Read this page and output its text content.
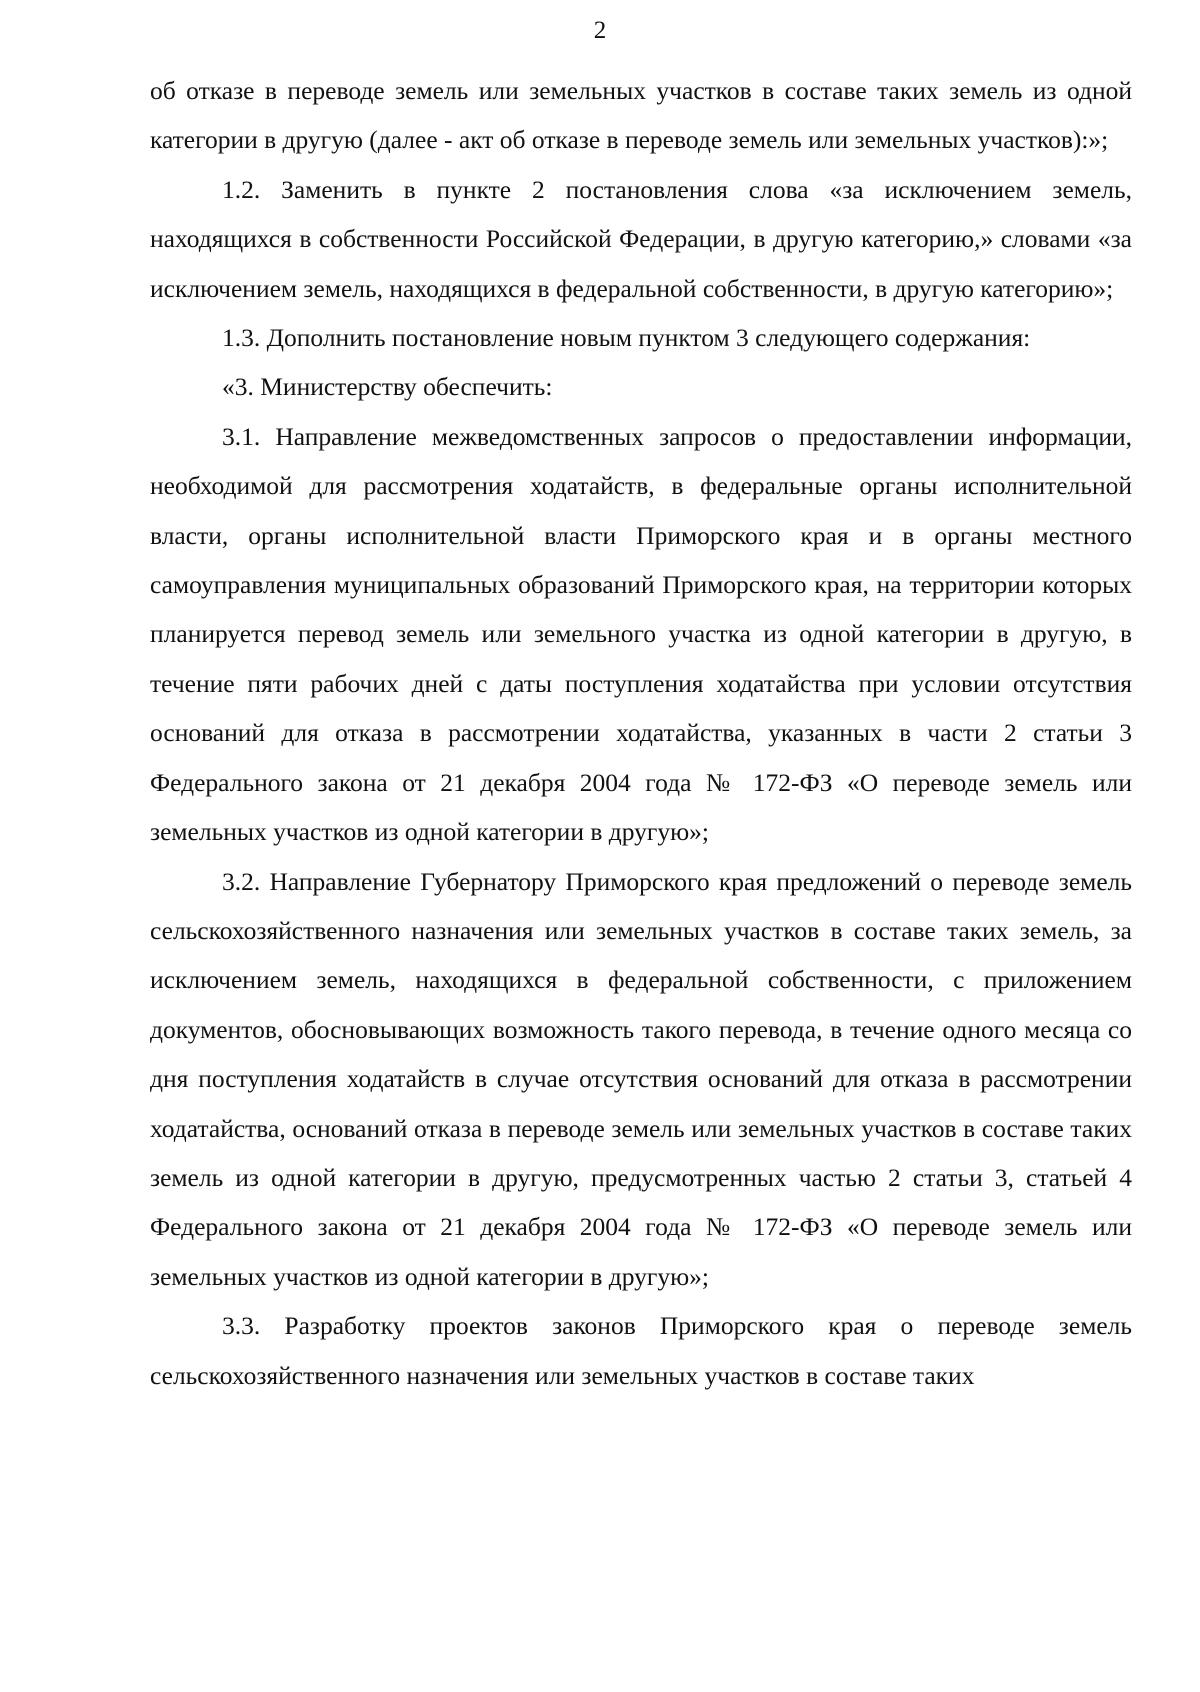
2

об отказе в переводе земель или земельных участков в составе таких земель из одной категории в другую (далее - акт об отказе в переводе земель или земельных участков):»;

1.2. Заменить в пункте 2 постановления слова «за исключением земель, находящихся в собственности Российской Федерации, в другую категорию,» словами «за исключением земель, находящихся в федеральной собственности, в другую категорию»;

1.3. Дополнить постановление новым пунктом 3 следующего содержания:

«3. Министерству обеспечить:

3.1. Направление межведомственных запросов о предоставлении информации, необходимой для рассмотрения ходатайств, в федеральные органы исполнительной власти, органы исполнительной власти Приморского края и в органы местного самоуправления муниципальных образований Приморского края, на территории которых планируется перевод земель или земельного участка из одной категории в другую, в течение пяти рабочих дней с даты поступления ходатайства при условии отсутствия оснований для отказа в рассмотрении ходатайства, указанных в части 2 статьи 3 Федерального закона от 21 декабря 2004 года № 172-ФЗ «О переводе земель или земельных участков из одной категории в другую»;

3.2. Направление Губернатору Приморского края предложений о переводе земель сельскохозяйственного назначения или земельных участков в составе таких земель, за исключением земель, находящихся в федеральной собственности, с приложением документов, обосновывающих возможность такого перевода, в течение одного месяца со дня поступления ходатайств в случае отсутствия оснований для отказа в рассмотрении ходатайства, оснований отказа в переводе земель или земельных участков в составе таких земель из одной категории в другую, предусмотренных частью 2 статьи 3, статьей 4 Федерального закона от 21 декабря 2004 года № 172-ФЗ «О переводе земель или земельных участков из одной категории в другую»;

3.3. Разработку проектов законов Приморского края о переводе земель сельскохозяйственного назначения или земельных участков в составе таких
